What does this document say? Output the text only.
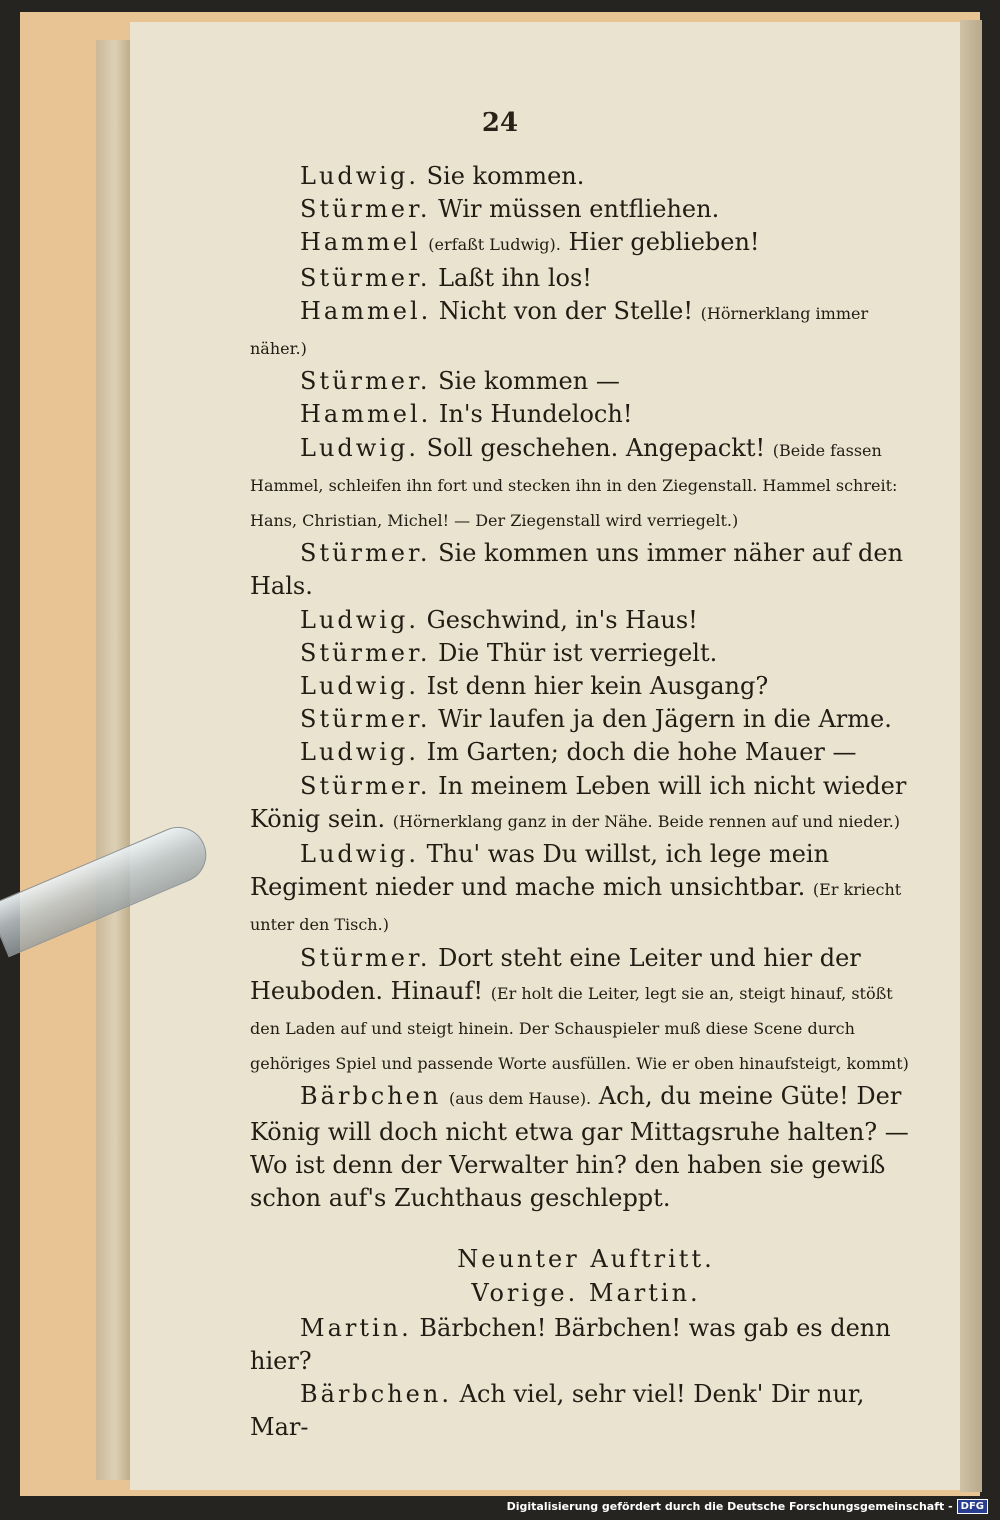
24

Ludwig. Sie kommen.

Stürmer. Wir müssen entfliehen.

Hammel (erfaßt Ludwig). Hier geblieben!

Stürmer. Laßt ihn los!

Hammel. Nicht von der Stelle! (Hörnerklang immer näher.)

Stürmer. Sie kommen —

Hammel. In's Hundeloch!

Ludwig. Soll geschehen. Angepackt! (Beide fassen Hammel, schleifen ihn fort und stecken ihn in den Ziegenstall. Hammel schreit: Hans, Christian, Michel! — Der Ziegenstall wird verriegelt.)

Stürmer. Sie kommen uns immer näher auf den Hals.

Ludwig. Geschwind, in's Haus!

Stürmer. Die Thür ist verriegelt.

Ludwig. Ist denn hier kein Ausgang?

Stürmer. Wir laufen ja den Jägern in die Arme.

Ludwig. Im Garten; doch die hohe Mauer —

Stürmer. In meinem Leben will ich nicht wieder König sein. (Hörnerklang ganz in der Nähe. Beide rennen auf und nieder.)

Ludwig. Thu' was Du willst, ich lege mein Regiment nieder und mache mich unsichtbar. (Er kriecht unter den Tisch.)

Stürmer. Dort steht eine Leiter und hier der Heuboden. Hinauf! (Er holt die Leiter, legt sie an, steigt hinauf, stößt den Laden auf und steigt hinein. Der Schauspieler muß diese Scene durch gehöriges Spiel und passende Worte ausfüllen. Wie er oben hinaufsteigt, kommt)

Bärbchen (aus dem Hause). Ach, du meine Güte! Der König will doch nicht etwa gar Mittagsruhe halten? — Wo ist denn der Verwalter hin? den haben sie gewiß schon auf's Zuchthaus geschleppt.

Neunter Auftritt.

Vorige. Martin.

Martin. Bärbchen! Bärbchen! was gab es denn hier?

Bärbchen. Ach viel, sehr viel! Denk' Dir nur, Mar-

Digitalisierung gefördert durch die Deutsche Forschungsgemeinschaft - DFG
